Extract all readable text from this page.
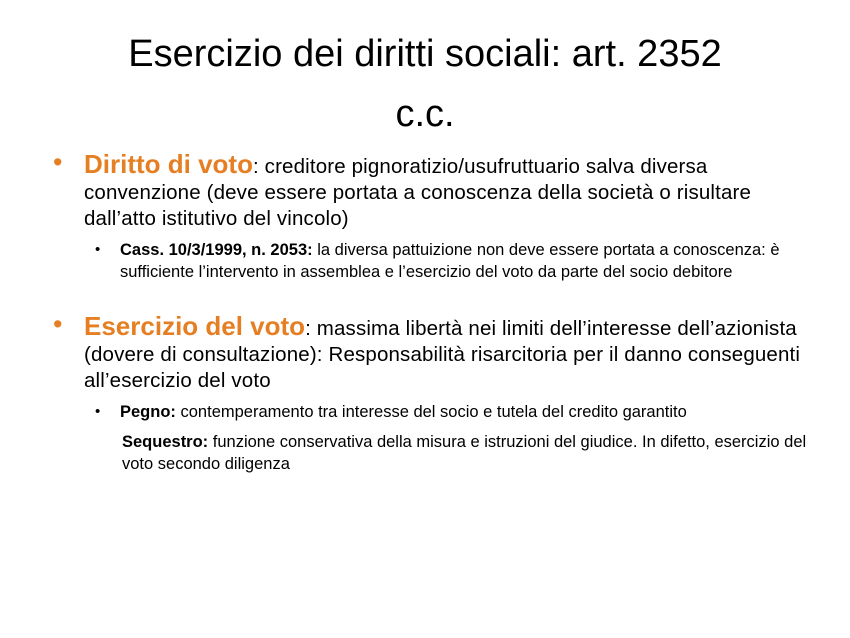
Esercizio dei diritti sociali: art. 2352
c.c.
• Diritto di voto: creditore pignoratizio/usufruttuario salva diversa convenzione (deve essere portata a conoscenza della società o risultare dall’atto istitutivo del vincolo)
• Cass. 10/3/1999, n. 2053: la diversa pattuizione non deve essere portata a conoscenza: è sufficiente l’intervento in assemblea e l’esercizio del voto da parte del socio debitore
• Esercizio del voto: massima libertà nei limiti dell’interesse dell’azionista (dovere di consultazione): Responsabilità risarcitoria per il danno conseguenti all’esercizio del voto
• Pegno: contemperamento tra interesse del socio e tutela del credito garantito
Sequestro: funzione conservativa della misura e istruzioni del giudice. In difetto, esercizio del voto secondo diligenza
